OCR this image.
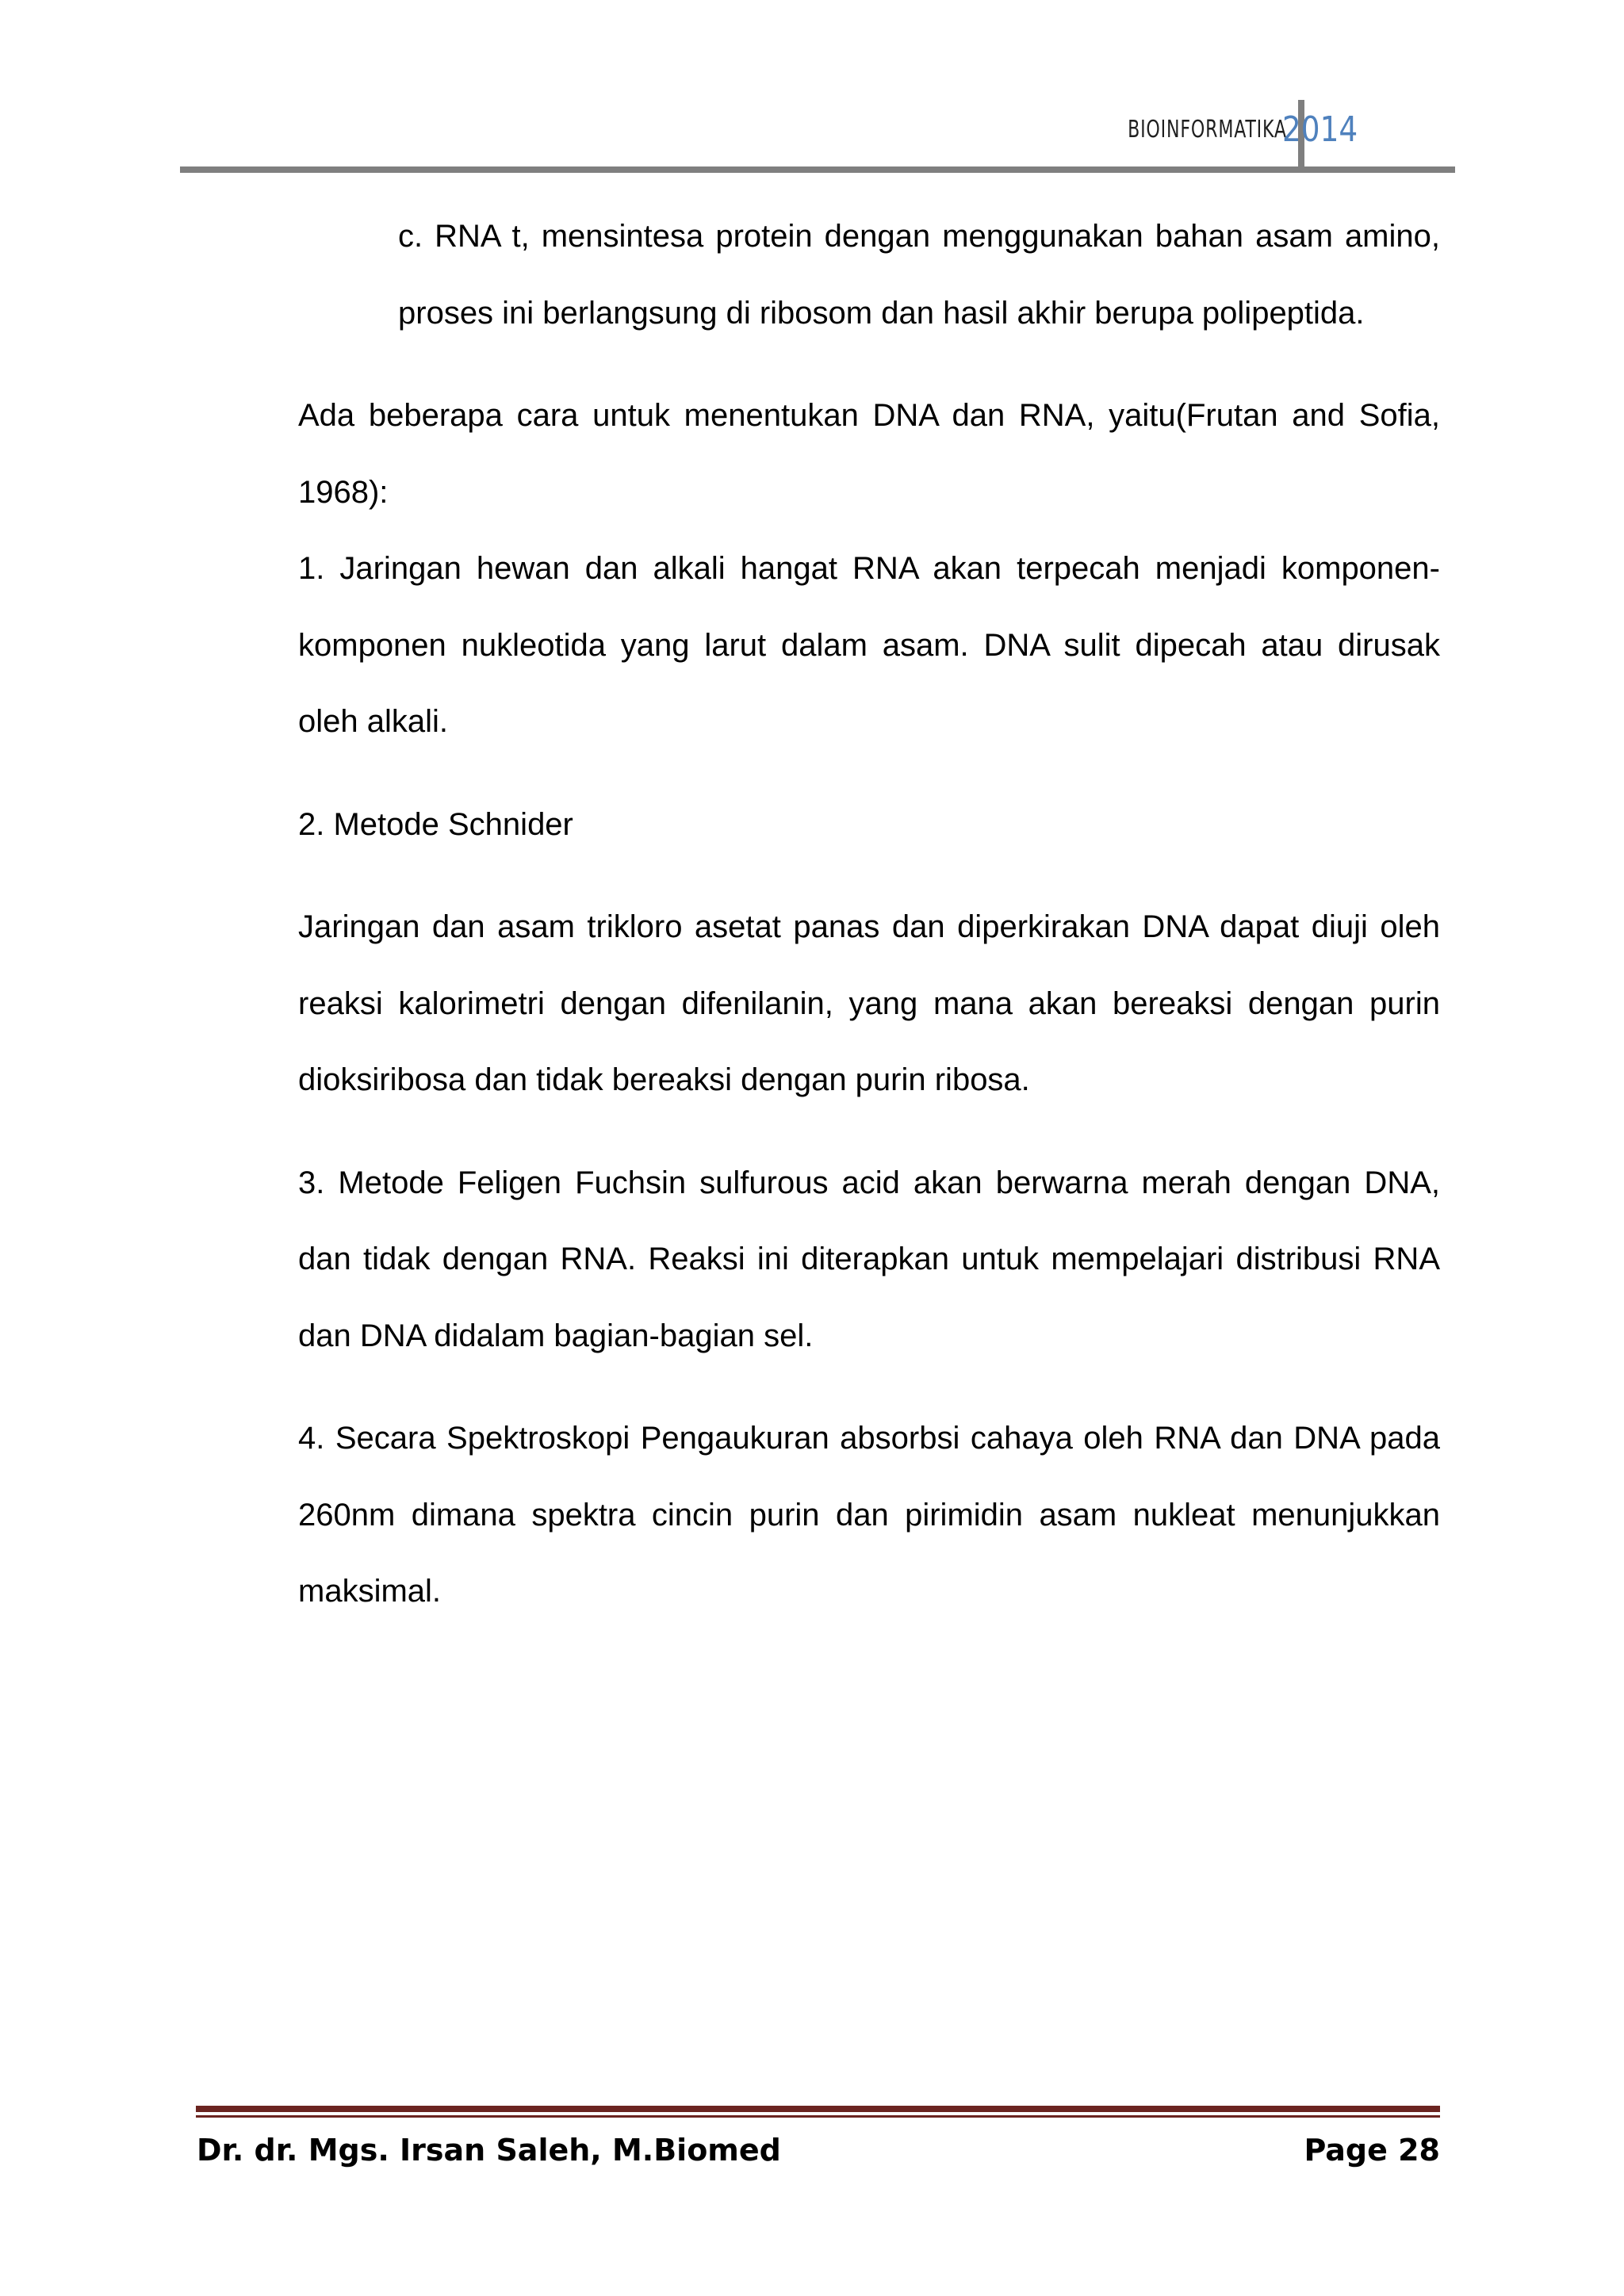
BIOINFORMATIKA
2014

c. RNA t, mensintesa protein dengan menggunakan bahan asam amino, proses ini berlangsung di ribosom dan hasil akhir berupa polipeptida.

Ada beberapa cara untuk menentukan DNA dan RNA, yaitu(Frutan and Sofia, 1968):

1. Jaringan hewan dan alkali hangat RNA akan terpecah menjadi komponen-komponen nukleotida yang larut dalam asam. DNA sulit dipecah atau dirusak oleh alkali.

2. Metode Schnider

Jaringan dan asam trikloro asetat panas dan diperkirakan DNA dapat diuji oleh reaksi kalorimetri dengan difenilanin, yang mana akan bereaksi dengan purin dioksiribosa dan tidak bereaksi dengan purin ribosa.

3. Metode Feligen Fuchsin sulfurous acid akan berwarna merah dengan DNA, dan tidak dengan RNA. Reaksi ini diterapkan untuk mempelajari distribusi RNA dan DNA didalam bagian-bagian sel.

4. Secara Spektroskopi Pengaukuran absorbsi cahaya oleh RNA dan DNA pada 260nm dimana spektra cincin purin dan pirimidin asam nukleat menunjukkan maksimal.

Dr. dr. Mgs. Irsan Saleh, M.Biomed	Page 28
